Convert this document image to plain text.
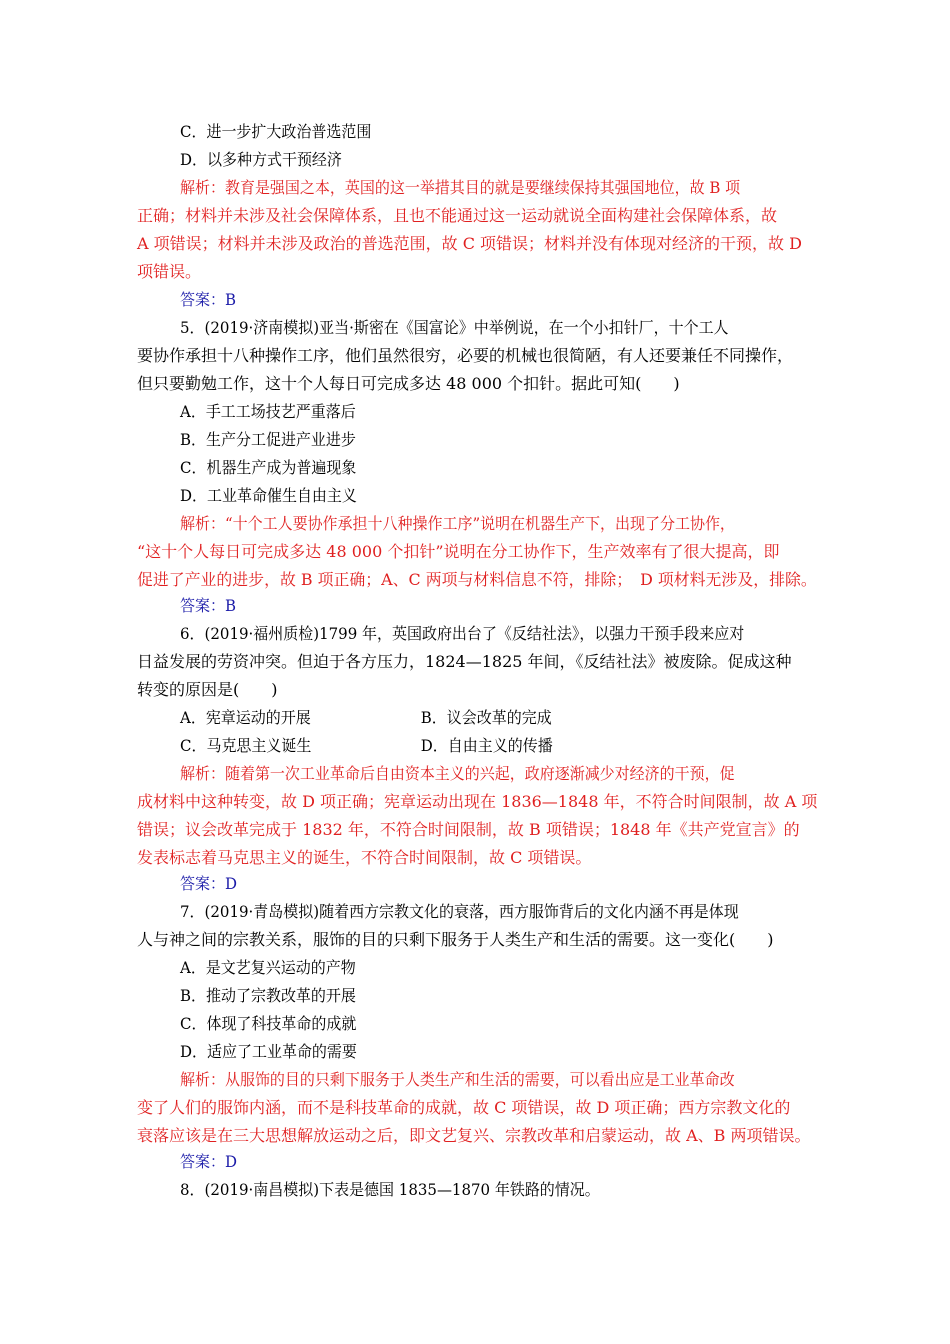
C．进一步扩大政治普选范围
D．以多种方式干预经济
解析：教育是强国之本，英国的这一举措其目的就是要继续保持其强国地位，故 B 项
正确；材料并未涉及社会保障体系，且也不能通过这一运动就说全面构建社会保障体系，故
A 项错误；材料并未涉及政治的普选范围，故 C 项错误；材料并没有体现对经济的干预，故 D
项错误。
答案：B
5．(2019·济南模拟)亚当·斯密在《国富论》中举例说，在一个小扣针厂，十个工人
要协作承担十八种操作工序，他们虽然很穷，必要的机械也很简陋，有人还要兼任不同操作，
但只要勤勉工作，这十个人每日可完成多达 48 000 个扣针。据此可知(　　)
A．手工工场技艺严重落后
B．生产分工促进产业进步
C．机器生产成为普遍现象
D．工业革命催生自由主义
解析：“十个工人要协作承担十八种操作工序”说明在机器生产下，出现了分工协作，
“这十个人每日可完成多达 48 000 个扣针”说明在分工协作下，生产效率有了很大提高，即
促进了产业的进步，故 B 项正确；A、C 两项与材料信息不符，排除；　D 项材料无涉及，排除。
答案：B
6．(2019·福州质检)1799 年，英国政府出台了《反结社法》，以强力干预手段来应对
日益发展的劳资冲突。但迫于各方压力，1824—1825 年间，《反结社法》被废除。促成这种
转变的原因是(　　)
A．宪章运动的开展	B．议会改革的完成
C．马克思主义诞生	D．自由主义的传播
解析：随着第一次工业革命后自由资本主义的兴起，政府逐渐减少对经济的干预，促
成材料中这种转变，故 D 项正确；宪章运动出现在 1836—1848 年，不符合时间限制，故 A 项
错误；议会改革完成于 1832 年，不符合时间限制，故 B 项错误；1848 年《共产党宣言》的
发表标志着马克思主义的诞生，不符合时间限制，故 C 项错误。
答案：D
7．(2019·青岛模拟)随着西方宗教文化的衰落，西方服饰背后的文化内涵不再是体现
人与神之间的宗教关系，服饰的目的只剩下服务于人类生产和生活的需要。这一变化(　　)
A．是文艺复兴运动的产物
B．推动了宗教改革的开展
C．体现了科技革命的成就
D．适应了工业革命的需要
解析：从服饰的目的只剩下服务于人类生产和生活的需要，可以看出应是工业革命改
变了人们的服饰内涵，而不是科技革命的成就，故 C 项错误，故 D 项正确；西方宗教文化的
衰落应该是在三大思想解放运动之后，即文艺复兴、宗教改革和启蒙运动，故 A、B 两项错误。
答案：D
8．(2019·南昌模拟)下表是德国 1835—1870 年铁路的情况。
